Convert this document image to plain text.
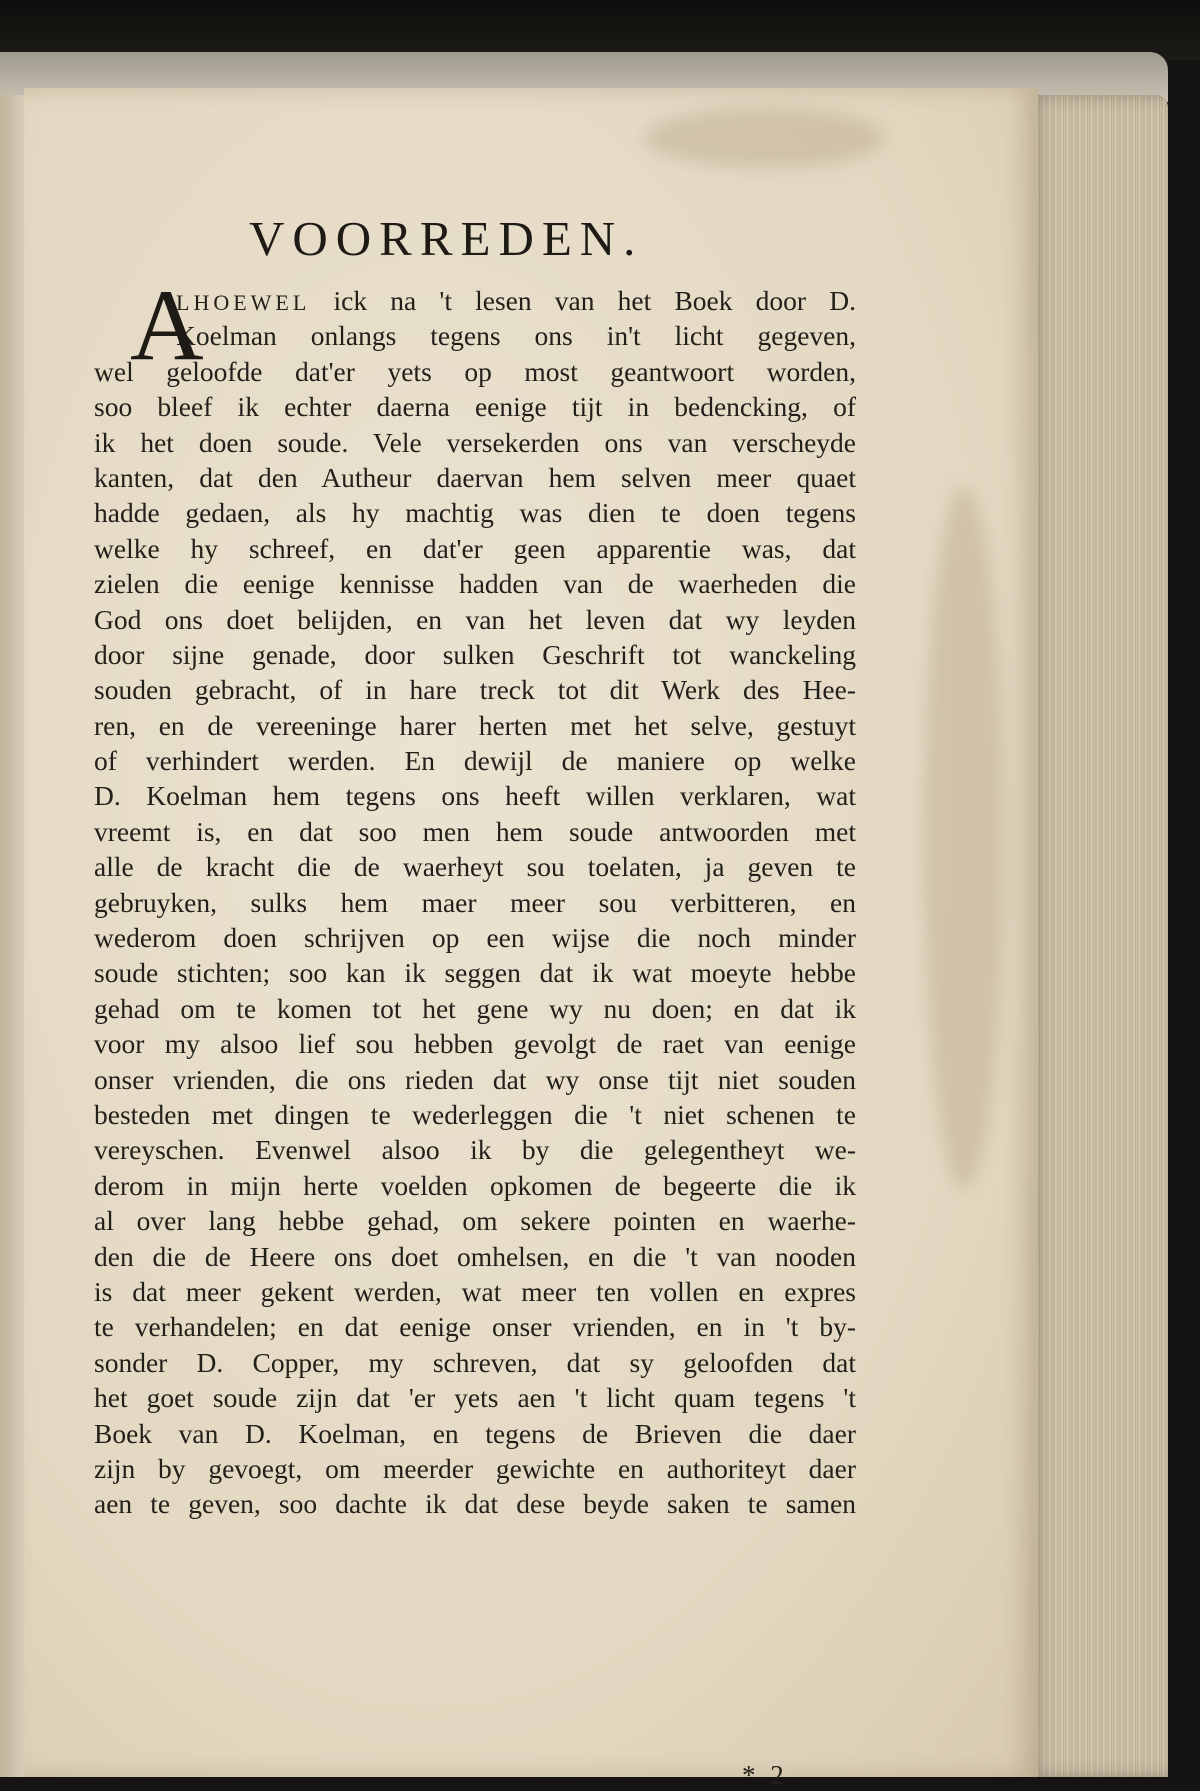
VOORREDEN.
A
LHOEWEL ick na 't lesen van het Boek door D.
Koelman onlangs tegens ons in't licht gegeven,
wel geloofde dat'er yets op most geantwoort worden,
soo bleef ik echter daerna eenige tijt in bedencking, of
ik het doen soude. Vele versekerden ons van verscheyde
kanten, dat den Autheur daervan hem selven meer quaet
hadde gedaen, als hy machtig was dien te doen tegens
welke hy schreef, en dat'er geen apparentie was, dat
zielen die eenige kennisse hadden van de waerheden die
God ons doet belijden, en van het leven dat wy leyden
door sijne genade, door sulken Geschrift tot wanckeling
souden gebracht, of in hare treck tot dit Werk des Hee-
ren, en de vereeninge harer herten met het selve, gestuyt
of verhindert werden. En dewijl de maniere op welke
D. Koelman hem tegens ons heeft willen verklaren, wat
vreemt is, en dat soo men hem soude antwoorden met
alle de kracht die de waerheyt sou toelaten, ja geven te
gebruyken, sulks hem maer meer sou verbitteren, en
wederom doen schrijven op een wijse die noch minder
soude stichten; soo kan ik seggen dat ik wat moeyte hebbe
gehad om te komen tot het gene wy nu doen; en dat ik
voor my alsoo lief sou hebben gevolgt de raet van eenige
onser vrienden, die ons rieden dat wy onse tijt niet souden
besteden met dingen te wederleggen die 't niet schenen te
vereyschen. Evenwel alsoo ik by die gelegentheyt we-
derom in mijn herte voelden opkomen de begeerte die ik
al over lang hebbe gehad, om sekere pointen en waerhe-
den die de Heere ons doet omhelsen, en die 't van nooden
is dat meer gekent werden, wat meer ten vollen en expres
te verhandelen; en dat eenige onser vrienden, en in 't by-
sonder D. Copper, my schreven, dat sy geloofden dat
het goet soude zijn dat 'er yets aen 't licht quam tegens 't
Boek van D. Koelman, en tegens de Brieven die daer
zijn by gevoegt, om meerder gewichte en authoriteyt daer
aen te geven, soo dachte ik dat dese beyde saken te samen
* 2
